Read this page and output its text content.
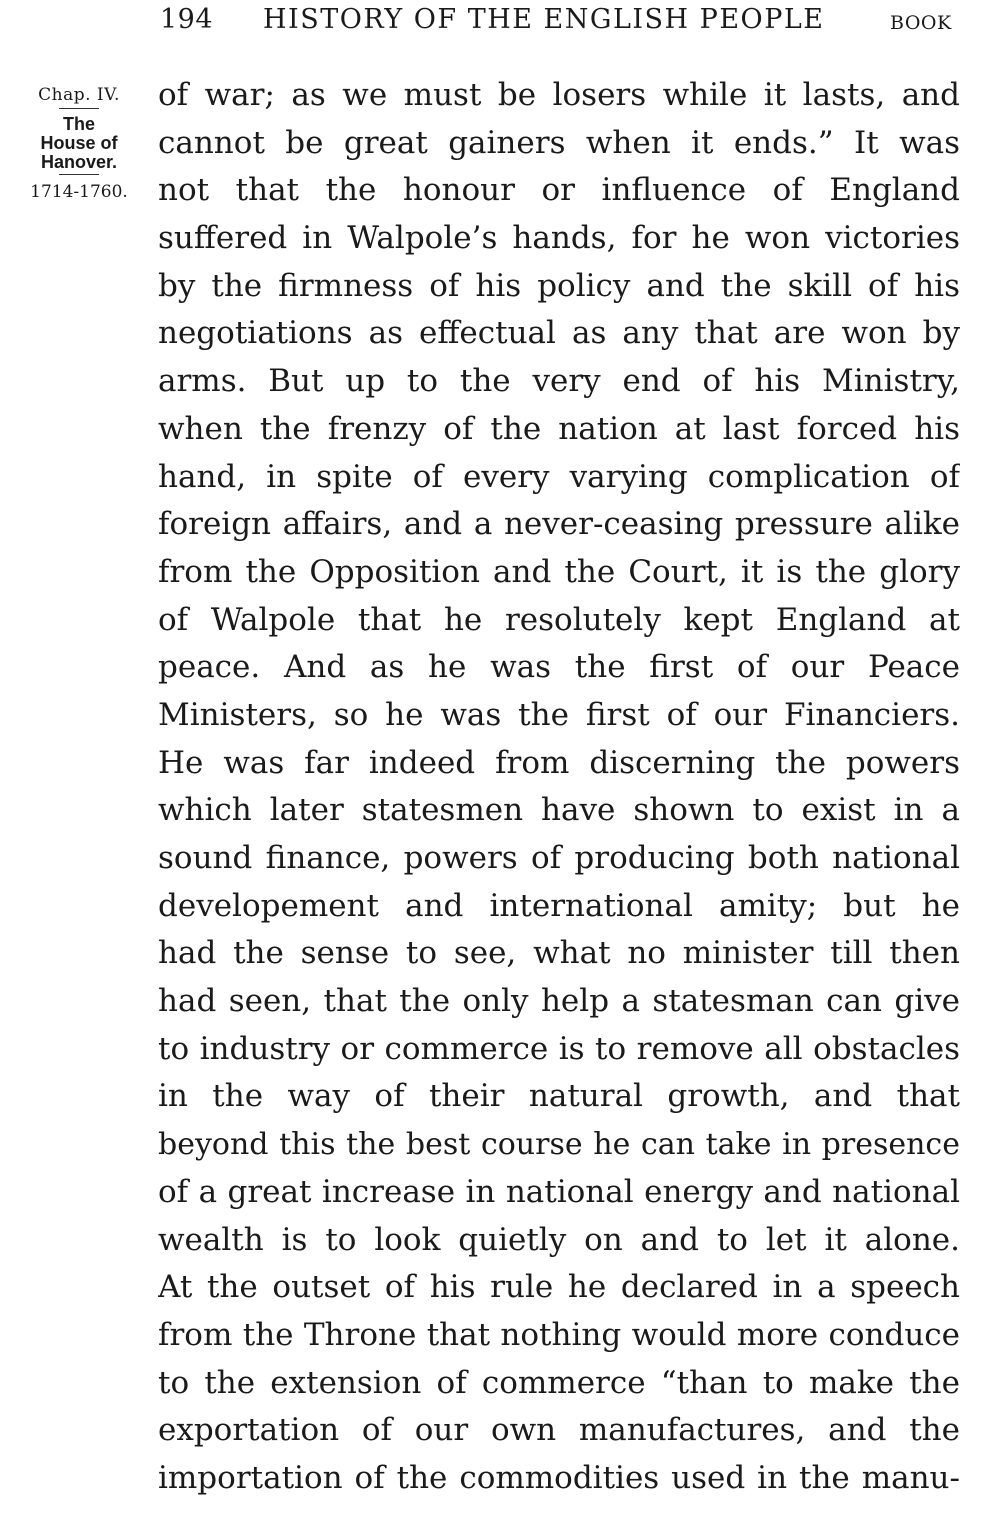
194 HISTORY OF THE ENGLISH PEOPLE	BOOK

Chap. IV.

The

House of

Hanover.

1714-1760.

of war; as we must be losers while it lasts, and
cannot be great gainers when it ends.” It was
not that the honour or influence of England
suffered in Walpole’s hands, for he won victories
by the firmness of his policy and the skill of his
negotiations as effectual as any that are won by
arms. But up to the very end of his Ministry,
when the frenzy of the nation at last forced his
hand, in spite of every varying complication of
foreign affairs, and a never-ceasing pressure alike
from the Opposition and the Court, it is the glory
of Walpole that he resolutely kept England at
peace. And as he was the first of our Peace
Ministers, so he was the first of our Financiers.
He was far indeed from discerning the powers
which later statesmen have shown to exist in a
sound finance, powers of producing both national
developement and international amity; but he
had the sense to see, what no minister till then
had seen, that the only help a statesman can give
to industry or commerce is to remove all obstacles
in the way of their natural growth, and that
beyond this the best course he can take in presence
of a great increase in national energy and national
wealth is to look quietly on and to let it alone.
At the outset of his rule he declared in a speech
from the Throne that nothing would more conduce
to the extension of commerce “than to make the
exportation of our own manufactures, and the
importation of the commodities used in the manu-
